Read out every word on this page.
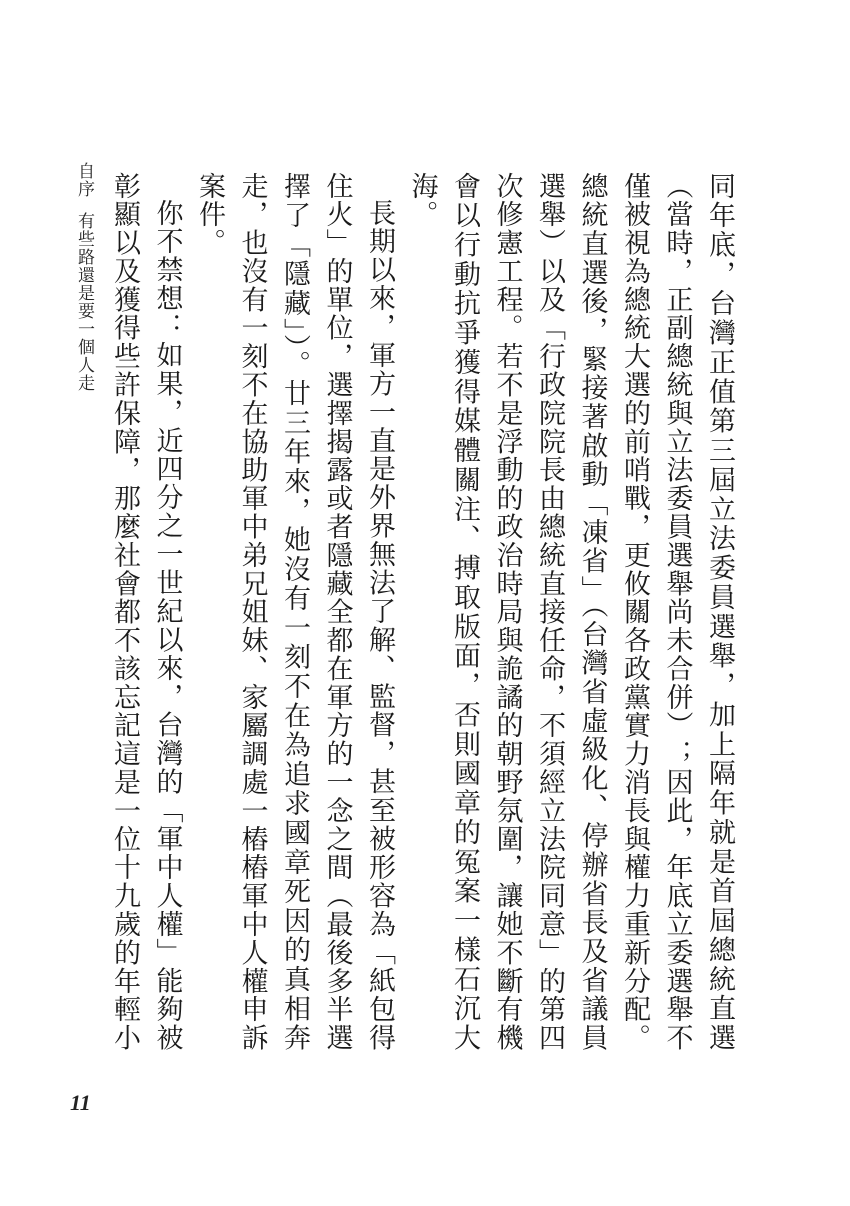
自序有些路還是要一個人走	同年底，台灣正值第三屆立法委員選舉，加上隔年就是首屆總統直選（當時，正副總統與立法委員選舉尚未合併）；因此，年底立委選舉不僅被視為總統大選的前哨戰，更攸關各政黨實力消長與權力重新分配。總統直選後，緊接著啟動「凍省」（台灣省虛級化、停辦省長及省議員選舉）以及「行政院院長由總統直接任命，不須經立法院同意」的第四次修憲工程。若不是浮動的政治時局與詭譎的朝野氛圍，讓她不斷有機會以行動抗爭獲得媒體關注、搏取版面，否則國章的冤案一樣石沉大海。

長期以來，軍方一直是外界無法了解、監督，甚至被形容為「紙包得住火」的單位，選擇揭露或者隱藏全都在軍方的一念之間（最後多半選擇了「隱藏」）。廿三年來，她沒有一刻不在為追求國章死因的真相奔走，也沒有一刻不在協助軍中弟兄姐妹、家屬調處一樁樁軍中人權申訴案件。

你不禁想：如果，近四分之一世紀以來，台灣的「軍中人權」能夠被彰顯以及獲得些許保障，那麼社會都不該忘記這是一位十九歲的年輕小

11
